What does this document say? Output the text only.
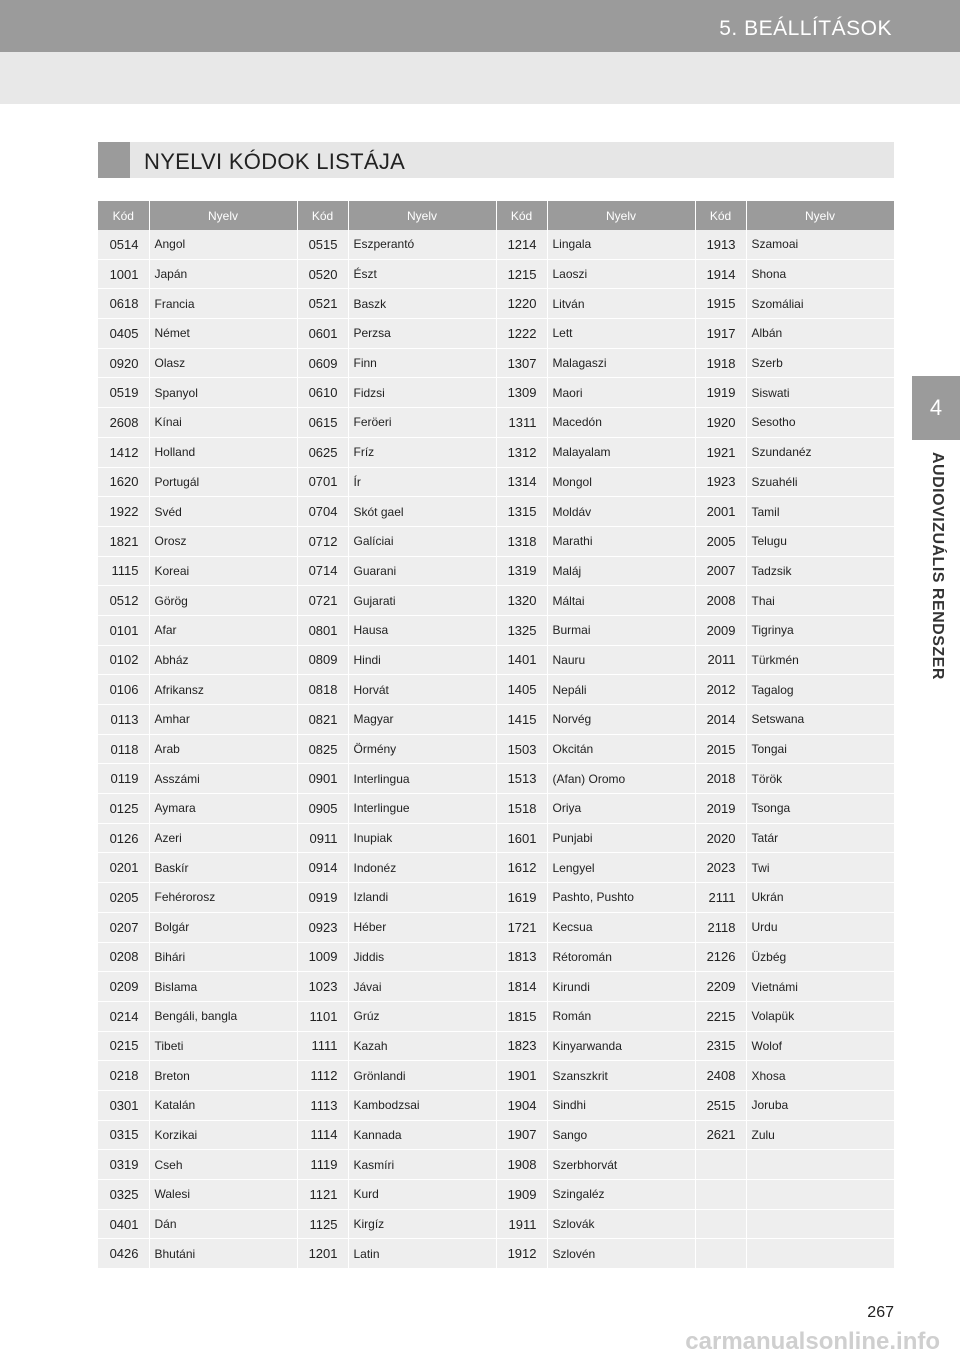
5. BEÁLLÍTÁSOK
4
AUDIOVIZUÁLIS RENDSZER
NYELVI KÓDOK LISTÁJA
Kód	Nyelv	Kód	Nyelv	Kód	Nyelv	Kód	Nyelv
0514	Angol	0515	Eszperantó	1214	Lingala	1913	Szamoai
1001	Japán	0520	Észt	1215	Laoszi	1914	Shona
0618	Francia	0521	Baszk	1220	Litván	1915	Szomáliai
0405	Német	0601	Perzsa	1222	Lett	1917	Albán
0920	Olasz	0609	Finn	1307	Malagaszi	1918	Szerb
0519	Spanyol	0610	Fidzsi	1309	Maori	1919	Siswati
2608	Kínai	0615	Feröeri	1311	Macedón	1920	Sesotho
1412	Holland	0625	Fríz	1312	Malayalam	1921	Szundanéz
1620	Portugál	0701	Ír	1314	Mongol	1923	Szuahéli
1922	Svéd	0704	Skót gael	1315	Moldáv	2001	Tamil
1821	Orosz	0712	Galíciai	1318	Marathi	2005	Telugu
1115	Koreai	0714	Guarani	1319	Maláj	2007	Tadzsik
0512	Görög	0721	Gujarati	1320	Máltai	2008	Thai
0101	Afar	0801	Hausa	1325	Burmai	2009	Tigrinya
0102	Abház	0809	Hindi	1401	Nauru	2011	Türkmén
0106	Afrikansz	0818	Horvát	1405	Nepáli	2012	Tagalog
0113	Amhar	0821	Magyar	1415	Norvég	2014	Setswana
0118	Arab	0825	Örmény	1503	Okcitán	2015	Tongai
0119	Asszámi	0901	Interlingua	1513	(Afan) Oromo	2018	Török
0125	Aymara	0905	Interlingue	1518	Oriya	2019	Tsonga
0126	Azeri	0911	Inupiak	1601	Punjabi	2020	Tatár
0201	Baskír	0914	Indonéz	1612	Lengyel	2023	Twi
0205	Fehérorosz	0919	Izlandi	1619	Pashto, Pushto	2111	Ukrán
0207	Bolgár	0923	Héber	1721	Kecsua	2118	Urdu
0208	Bihári	1009	Jiddis	1813	Rétoromán	2126	Üzbég
0209	Bislama	1023	Jávai	1814	Kirundi	2209	Vietnámi
0214	Bengáli, bangla	1101	Grúz	1815	Román	2215	Volapük
0215	Tibeti	1111	Kazah	1823	Kinyarwanda	2315	Wolof
0218	Breton	1112	Grönlandi	1901	Szanszkrit	2408	Xhosa
0301	Katalán	1113	Kambodzsai	1904	Sindhi	2515	Joruba
0315	Korzikai	1114	Kannada	1907	Sango	2621	Zulu
0319	Cseh	1119	Kasmíri	1908	Szerbhorvát		
0325	Walesi	1121	Kurd	1909	Szingaléz		
0401	Dán	1125	Kirgíz	1911	Szlovák		
0426	Bhutáni	1201	Latin	1912	Szlovén		
267
carmanualsonline.info
